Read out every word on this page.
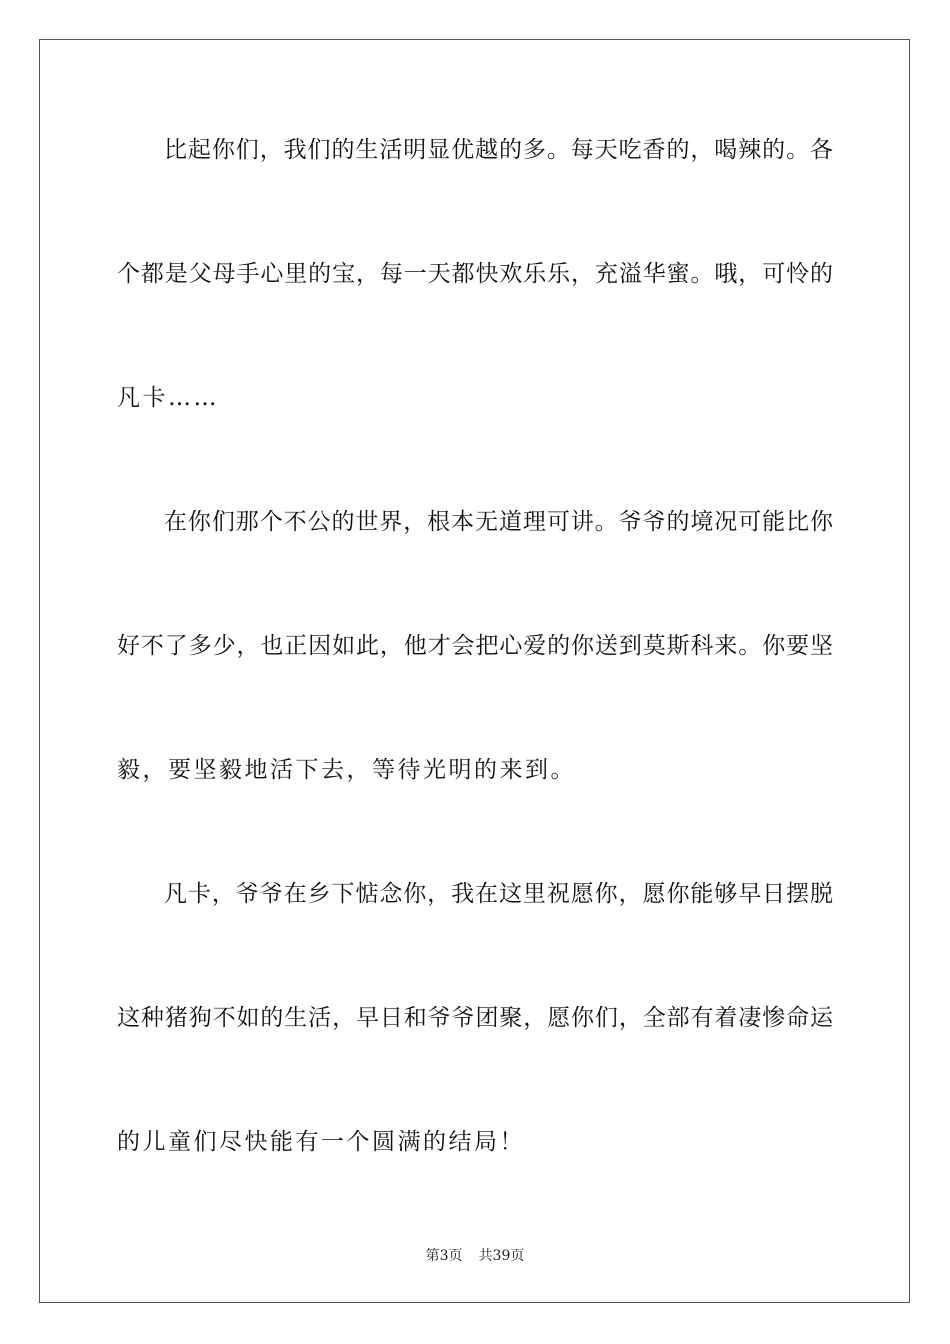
比起你们，我们的生活明显优越的多。每天吃香的，喝辣的。各
个都是父母手心里的宝，每一天都快欢乐乐，充溢华蜜。哦，可怜的
凡卡……
在你们那个不公的世界，根本无道理可讲。爷爷的境况可能比你
好不了多少，也正因如此，他才会把心爱的你送到莫斯科来。你要坚
毅，要坚毅地活下去，等待光明的来到。
凡卡，爷爷在乡下惦念你，我在这里祝愿你，愿你能够早日摆脱
这种猪狗不如的生活，早日和爷爷团聚，愿你们，全部有着凄惨命运
的儿童们尽快能有一个圆满的结局！
第3页 共39页
